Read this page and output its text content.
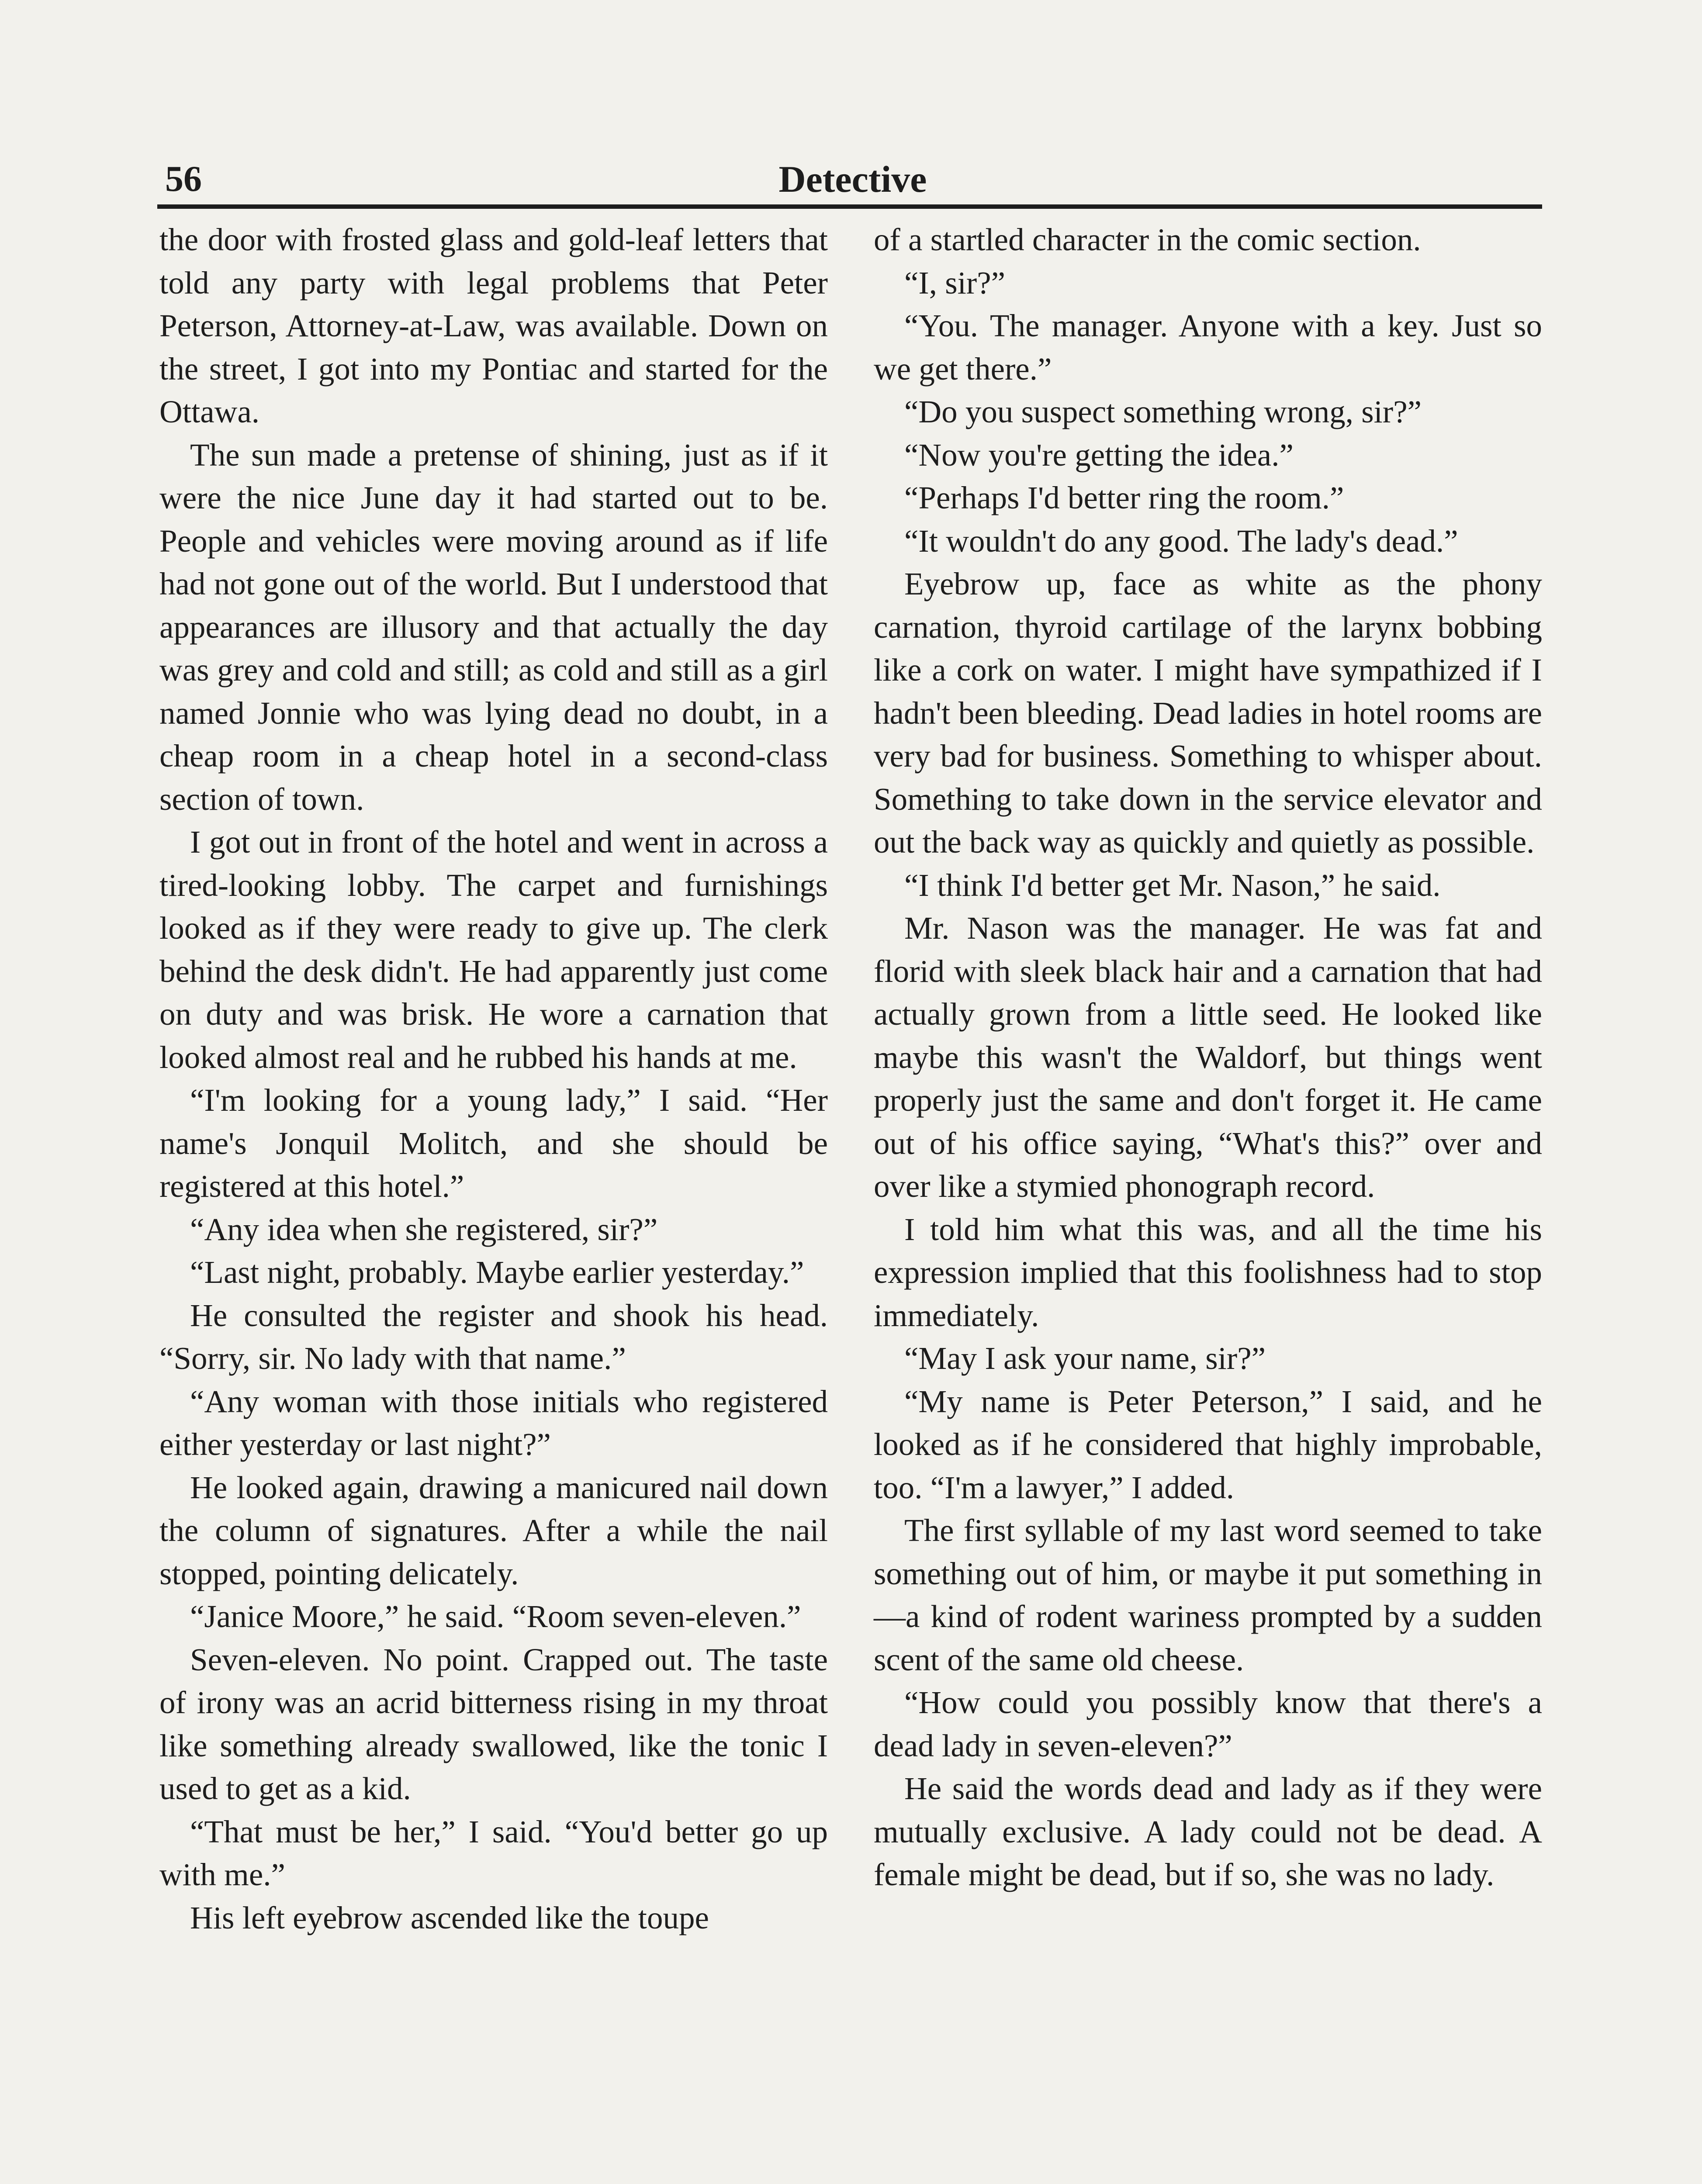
56	Detective

the door with frosted glass and gold-leaf letters that told any party with legal problems that Peter Peterson, Attorney-at-Law, was available. Down on the street, I got into my Pontiac and started for the Ottawa.

The sun made a pretense of shining, just as if it were the nice June day it had started out to be. People and vehicles were moving around as if life had not gone out of the world. But I understood that appearances are illusory and that actually the day was grey and cold and still; as cold and still as a girl named Jonnie who was lying dead no doubt, in a cheap room in a cheap hotel in a second-class section of town.

I got out in front of the hotel and went in across a tired-looking lobby. The carpet and furnishings looked as if they were ready to give up. The clerk behind the desk didn't. He had apparently just come on duty and was brisk. He wore a carnation that looked almost real and he rubbed his hands at me.

“I'm looking for a young lady,” I said. “Her name's Jonquil Molitch, and she should be registered at this hotel.”

“Any idea when she registered, sir?”

“Last night, probably. Maybe earlier yesterday.”

He consulted the register and shook his head. “Sorry, sir. No lady with that name.”

“Any woman with those initials who registered either yesterday or last night?”

He looked again, drawing a manicured nail down the column of signatures. After a while the nail stopped, pointing delicately.

“Janice Moore,” he said. “Room seven-eleven.”

Seven-eleven. No point. Crapped out. The taste of irony was an acrid bitterness rising in my throat like something already swallowed, like the tonic I used to get as a kid.

“That must be her,” I said. “You'd better go up with me.”

His left eyebrow ascended like the toupe

of a startled character in the comic section.

“I, sir?”

“You. The manager. Anyone with a key. Just so we get there.”

“Do you suspect something wrong, sir?”

“Now you're getting the idea.”

“Perhaps I'd better ring the room.”

“It wouldn't do any good. The lady's dead.”

Eyebrow up, face as white as the phony carnation, thyroid cartilage of the larynx bobbing like a cork on water. I might have sympathized if I hadn't been bleeding. Dead ladies in hotel rooms are very bad for business. Something to whisper about. Something to take down in the service elevator and out the back way as quickly and quietly as possible.

“I think I'd better get Mr. Nason,” he said.

Mr. Nason was the manager. He was fat and florid with sleek black hair and a carnation that had actually grown from a little seed. He looked like maybe this wasn't the Waldorf, but things went properly just the same and don't forget it. He came out of his office saying, “What's this?” over and over like a stymied phonograph record.

I told him what this was, and all the time his expression implied that this foolishness had to stop immediately.

“May I ask your name, sir?”

“My name is Peter Peterson,” I said, and he looked as if he considered that highly improbable, too. “I'm a lawyer,” I added.

The first syllable of my last word seemed to take something out of him, or maybe it put something in—a kind of rodent wariness prompted by a sudden scent of the same old cheese.

“How could you possibly know that there's a dead lady in seven-eleven?”

He said the words dead and lady as if they were mutually exclusive. A lady could not be dead. A female might be dead, but if so, she was no lady.
